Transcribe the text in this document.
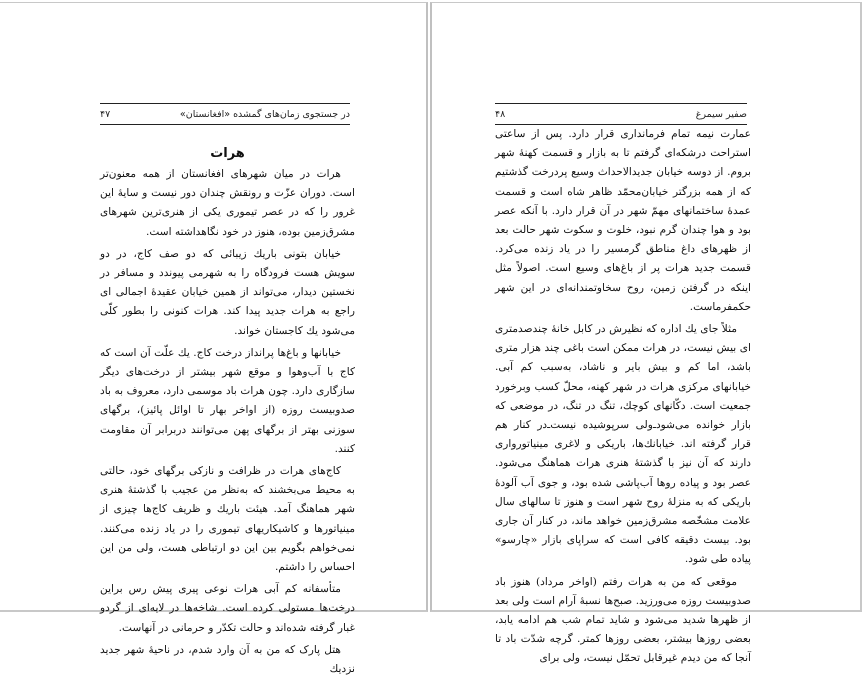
در جستجوی زمان‌های گمشده «افغانستان»
۴۷
هرات

هرات در میان شهرهای افغانستان از همه معنون‌تر است. دوران عزّت و رونقش چندان دور نیست و سایهٔ این غرور را که در عصر تیموری یکی از هنری‌ترین شهرهای مشرق‌زمین بوده، هنوز در خود نگاهداشته است.

خیابان بتونی باریك زیبائی که دو صف کاج، در دو سویش هست فرودگاه را به شهرمی پیوندد و مسافر در نخستین دیدار، می‌تواند از همین خیابان عقیدهٔ اجمالی ای راجع به هرات جدید پیدا کند. هرات کنونی را بطور کلّی می‌شود یك کاجستان خواند.

خیابانها و باغ‌ها پرانداز درخت کاج. یك علّت آن است که کاج با آب‌وهوا و موقع شهر بیشتر از درخت‌های دیگر سازگاری دارد. چون هرات باد موسمی دارد، معروف به باد صدوبیست روزه (از اواخر بهار تا اوائل پائیز)، برگهای سوزنی بهتر از برگهای پهن می‌توانند دربرابر آن مقاومت کنند.

کاج‌های هرات در ظرافت و نازکی برگهای خود، حالتی به محیط می‌بخشند که به‌نظر من عجیب با گذشتهٔ هنری شهر هماهنگ آمد. هیئت باریك و ظریف کاج‌ها چیزی از مینیاتورها و کاشیکاریهای تیموری را در یاد زنده می‌کنند. نمی‌خواهم بگویم بین این دو ارتباطی هست، ولی من این احساس را داشتم.

متأسفانه کم آبی هرات نوعی پیری پیش رس براین درخت‌ها مستولی کرده است. شاخه‌ها در لایه‌ای از گردو غبار گرفته شده‌اند و حالت تکدّر و حرمانی در آنهاست.

هتل پارک که من به آن وارد شدم، در ناحیهٔ شهر جدید نزدیك

صفیر سیمرغ
۴۸

عمارت نیمه تمام فرمانداری قرار دارد. پس از ساعتی استراحت درشکه‌ای گرفتم تا به بازار و قسمت کهنهٔ شهر بروم. از دوسه خیابان جدیدالاحداث وسیع پردرخت گذشتیم که از همه بزرگتر خیابان‌محمّد ظاهر شاه است و قسمت عمدهٔ ساختمانهای مهمّ شهر در آن قرار دارد. با آنکه عصر بود و هوا چندان گرم نبود، خلوت و سکوت شهر حالت بعد از ظهرهای داغ مناطق گرمسیر را در یاد زنده می‌کرد. قسمت جدید هرات پر از باغ‌های وسیع است. اصولاً مثل اینکه در گرفتن زمین، روح سخاوتمندانه‌ای در این شهر حکمفرماست.

مثلاً جای یك اداره که نظیرش در کابل خانهٔ چندصدمتری ای بیش نیست، در هرات ممکن است باغی چند هزار متری باشد، اما کم و بیش بایر و ناشاد، به‌سبب کم آبی. خیابانهای مرکزی هرات در شهر کهنه، محلّ کسب وبرخورد جمعیت است. دکّانهای کوچك، تنگ در تنگ، در موضعی که بازار خوانده می‌شود‌ـ‌ولی سرپوشیده نیست‌ـ‌در کنار هم قرار گرفته اند. خیابانك‌ها، باریکی و لاغری مینیاتورواری دارند که آن نیز با گذشتهٔ هنری هرات هماهنگ می‌شود. عصر بود و پیاده روها آب‌پاشی شده بود، و جوی آب آلودهٔ باریکی که به منزلهٔ روح شهر است و هنوز تا سالهای سال علامت مشخّصه مشرق‌زمین خواهد ماند، در کنار آن جاری بود. بیست دقیقه کافی است که سراپای بازار «چارسو» پیاده طی شود.

موقعی که من به هرات رفتم (اواخر مرداد) هنوز باد صدوبیست روزه می‌ورزید. صبح‌ها نسبهٔ آرام است ولی بعد از ظهرها شدید می‌شود و شاید تمام شب هم ادامه یابد، بعضی روزها بیشتر، بعضی روزها کمتر. گرچه شدّت باد تا آنجا که من دیدم غیرقابل تحمّل نیست، ولی برای
